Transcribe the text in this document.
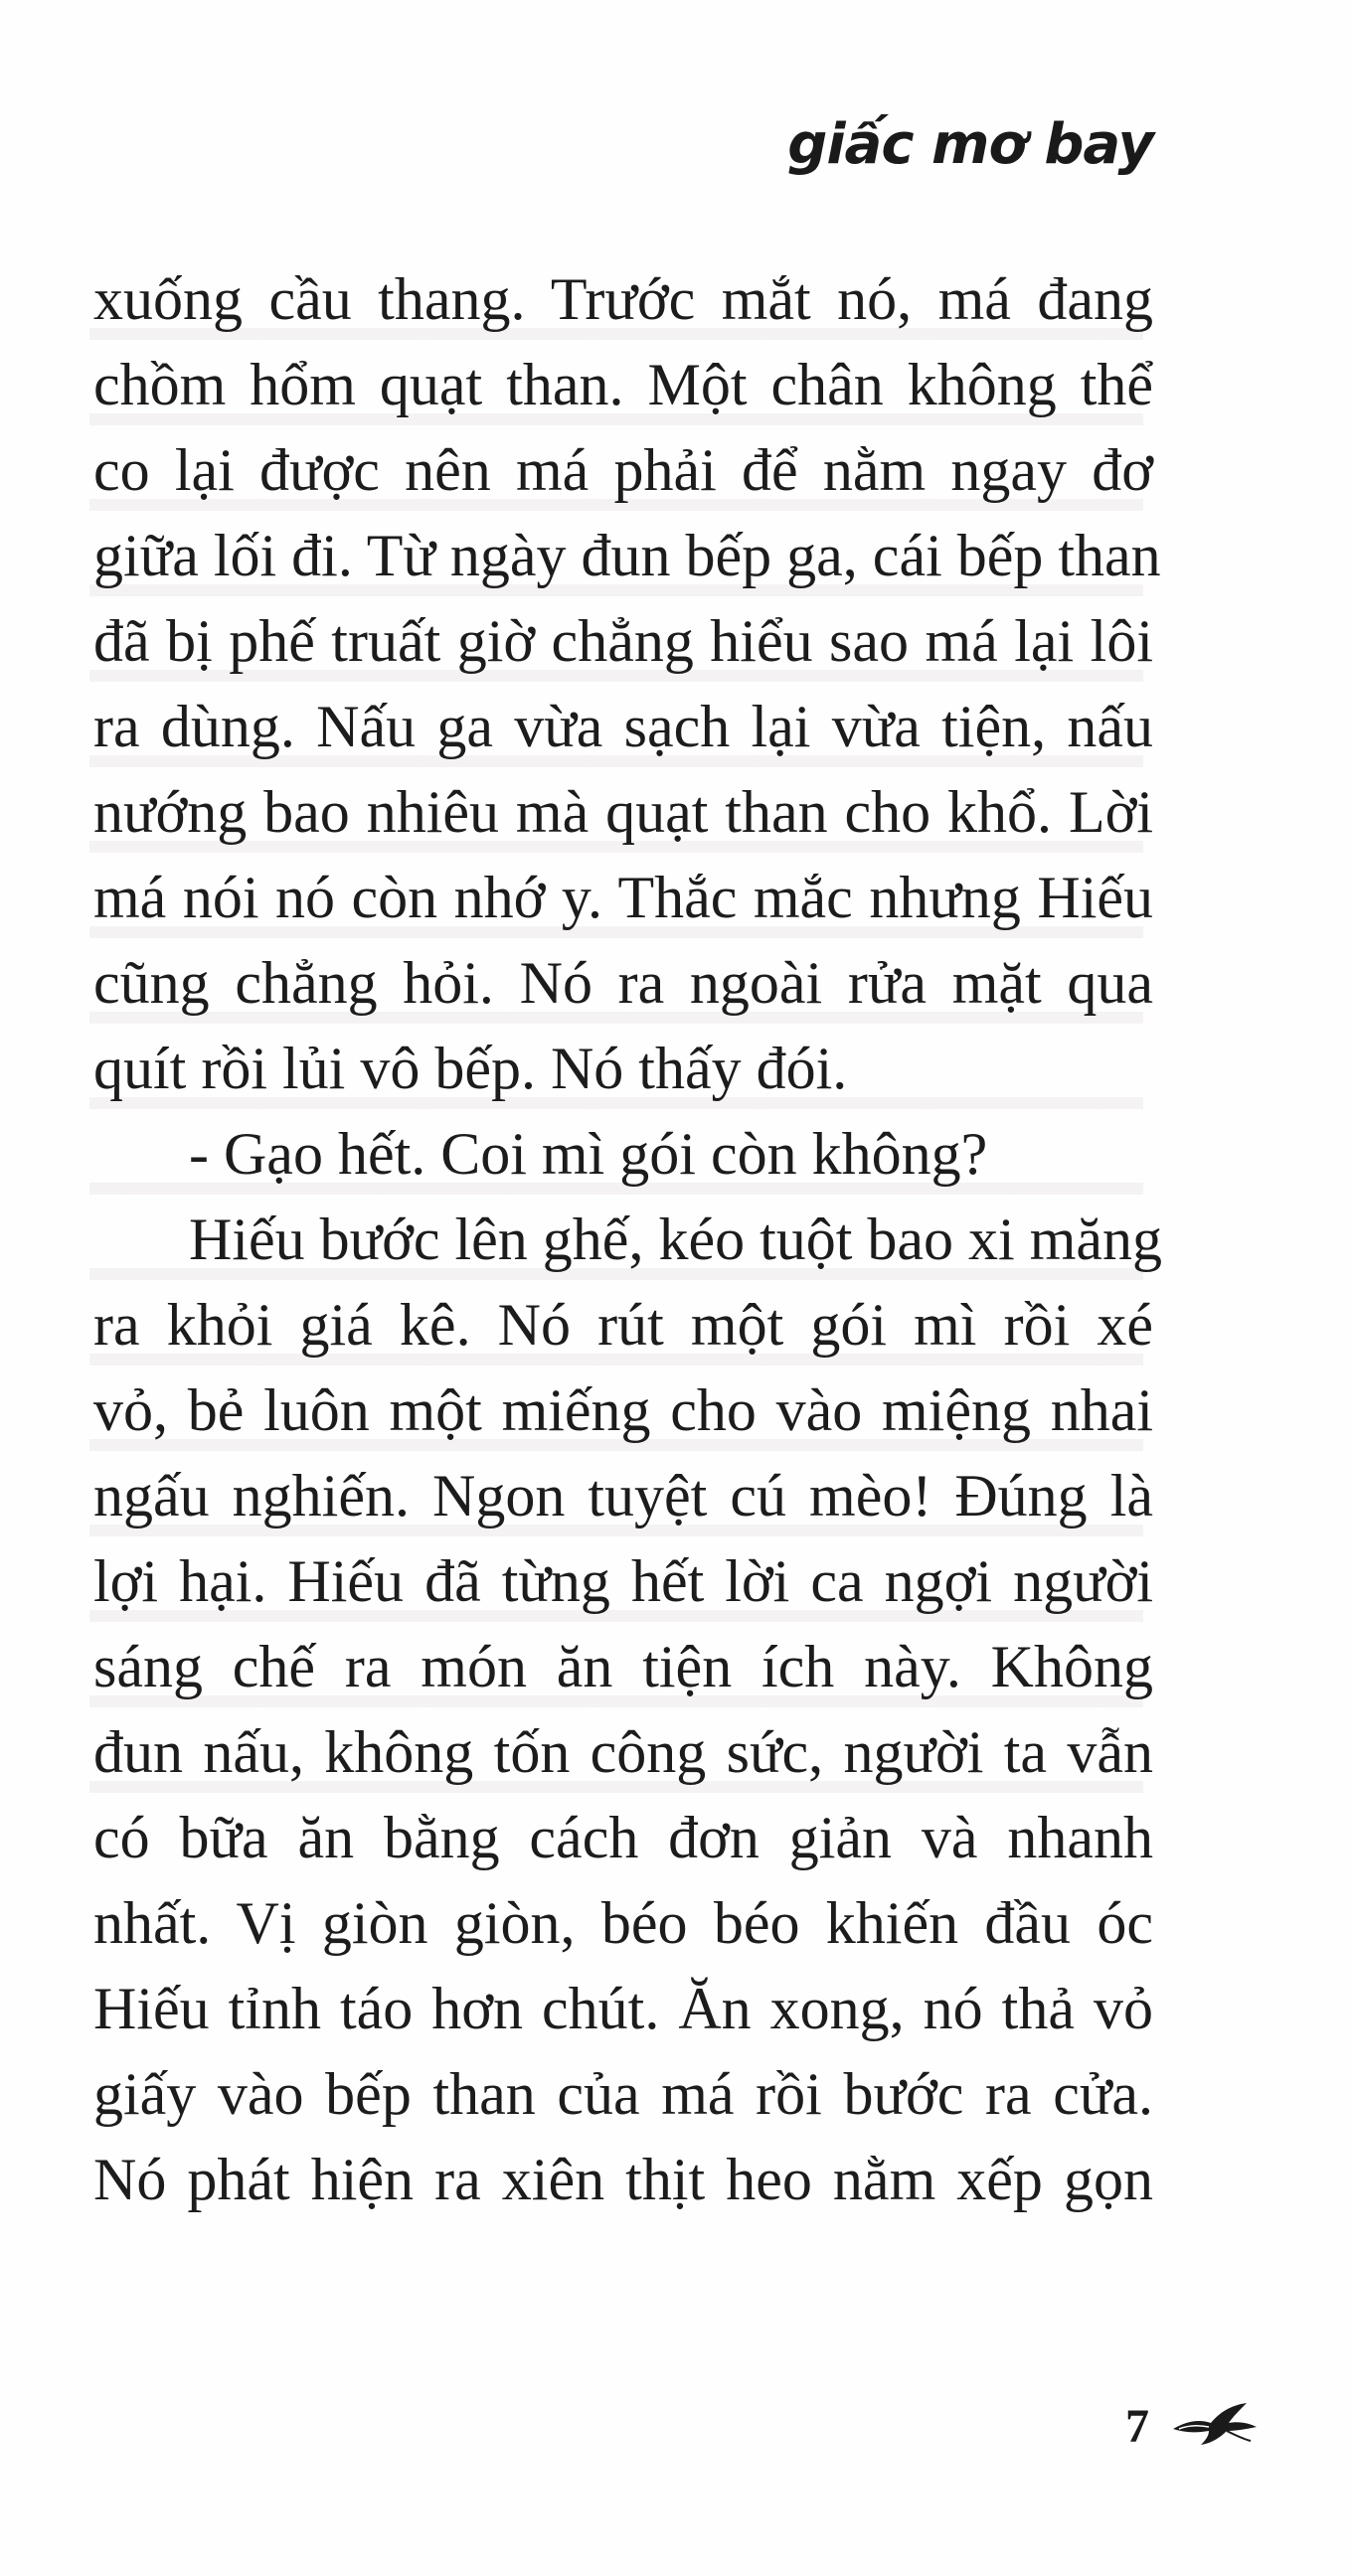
giấc mơ bay
xuống cầu thang. Trước mắt nó, má đang
chồm hổm quạt than. Một chân không thể
co lại được nên má phải để nằm ngay đơ
giữa lối đi. Từ ngày đun bếp ga, cái bếp than
đã bị phế truất giờ chẳng hiểu sao má lại lôi
ra dùng. Nấu ga vừa sạch lại vừa tiện, nấu
nướng bao nhiêu mà quạt than cho khổ. Lời
má nói nó còn nhớ y. Thắc mắc nhưng Hiếu
cũng chẳng hỏi. Nó ra ngoài rửa mặt qua
quít rồi lủi vô bếp. Nó thấy đói.
- Gạo hết. Coi mì gói còn không?
Hiếu bước lên ghế, kéo tuột bao xi măng
ra khỏi giá kê. Nó rút một gói mì rồi xé
vỏ, bẻ luôn một miếng cho vào miệng nhai
ngấu nghiến. Ngon tuyệt cú mèo! Đúng là
lợi hại. Hiếu đã từng hết lời ca ngợi người
sáng chế ra món ăn tiện ích này. Không
đun nấu, không tốn công sức, người ta vẫn
có bữa ăn bằng cách đơn giản và nhanh
nhất. Vị giòn giòn, béo béo khiến đầu óc
Hiếu tỉnh táo hơn chút. Ăn xong, nó thả vỏ
giấy vào bếp than của má rồi bước ra cửa.
Nó phát hiện ra xiên thịt heo nằm xếp gọn
7
